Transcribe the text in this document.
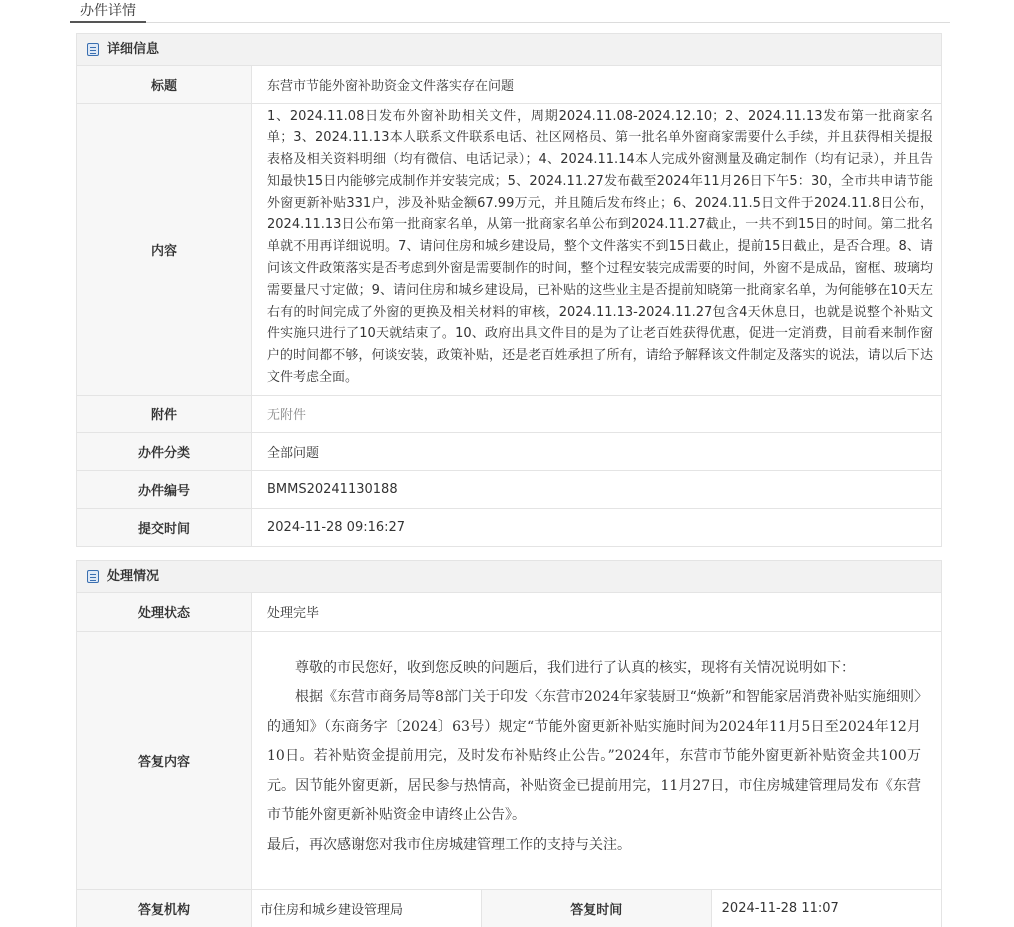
办件详情
详细信息
标题	东营市节能外窗补助资金文件落实存在问题
内容	1、2024.11.08日发布外窗补助相关文件，周期2024.11.08-2024.12.10；2、2024.11.13发布第一批商家名单；3、2024.11.13本人联系文件联系电话、社区网格员、第一批名单外窗商家需要什么手续，并且获得相关提报表格及相关资料明细（均有微信、电话记录）；4、2024.11.14本人完成外窗测量及确定制作（均有记录），并且告知最快15日内能够完成制作并安装完成；5、2024.11.27发布截至2024年11月26日下午5：30，全市共申请节能外窗更新补贴331户，涉及补贴金额67.99万元，并且随后发布终止；6、2024.11.5日文件于2024.11.8日公布，2024.11.13日公布第一批商家名单，从第一批商家名单公布到2024.11.27截止，一共不到15日的时间。第二批名单就不用再详细说明。7、请问住房和城乡建设局，整个文件落实不到15日截止，提前15日截止，是否合理。8、请问该文件政策落实是否考虑到外窗是需要制作的时间，整个过程安装完成需要的时间，外窗不是成品，窗框、玻璃均需要量尺寸定做；9、请问住房和城乡建设局，已补贴的这些业主是否提前知晓第一批商家名单，为何能够在10天左右有的时间完成了外窗的更换及相关材料的审核，2024.11.13-2024.11.27包含4天休息日，也就是说整个补贴文件实施只进行了10天就结束了。10、政府出具文件目的是为了让老百姓获得优惠，促进一定消费，目前看来制作窗户的时间都不够，何谈安装，政策补贴，还是老百姓承担了所有，请给予解释该文件制定及落实的说法，请以后下达文件考虑全面。
附件	无附件
办件分类	全部问题
办件编号	BMMS20241130188
提交时间	2024-11-28 09:16:27
处理情况
处理状态	处理完毕		
答复内容	尊敬的市民您好，收到您反映的问题后，我们进行了认真的核实，现将有关情况说明如下：

根据《东营市商务局等8部门关于印发〈东营市2024年家装厨卫“焕新”和智能家居消费补贴实施细则〉的通知》（东商务字〔2024〕63号）规定“节能外窗更新补贴实施时间为2024年11月5日至2024年12月10日。若补贴资金提前用完，及时发布补贴终止公告。”2024年，东营市节能外窗更新补贴资金共100万元。因节能外窗更新，居民参与热情高，补贴资金已提前用完，11月27日，市住房城建管理局发布《东营市节能外窗更新补贴资金申请终止公告》。

最后，再次感谢您对我市住房城建管理工作的支持与关注。		

答复机构	市住房和城乡建设管理局	答复时间	2024-11-28 11:07
